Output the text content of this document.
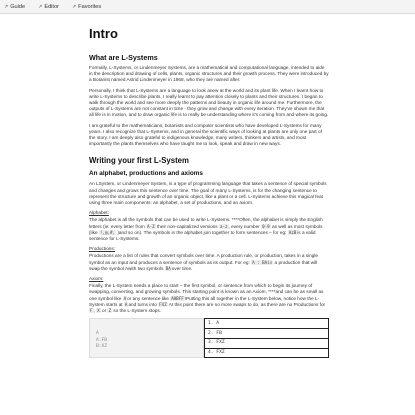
↗ Guide	↗ Editor	↗ Favorites
Intro
What are L-Systems

Formally, L-Systems, or Lindenmeyer Systems, are a mathematical and computational language, intended to aide in the description and drawing of cells, plants, organic structures and their growth process. They were introduced by a Botanist named Astrid Lindenmeyer in 1968, who they are named after.

Personally, I think that L-Systems are a language to look anew at the world and its plant life. When I learnt how to write L-Systems to describe plants, I really learnt to pay attention closely to plants and their structures. I began to walk through the world and see more deeply the patterns and beauty in organic life around me. Furthermore, the outputs of L-Systems are not constant in time - they grow and change with every iteration. They've shown me that all life is in motion, and to draw organic life is to really be understanding where it's coming from and where its going.

I am grateful to the mathematicians, botanists and computer scientists who have developed L-Systems for many years. I also recognize that L-Systems, and in general the scientific ways of looking at plants are only one part of the story. I am deeply also grateful to indigenous knowledge, many writers, thinkers and artists, and most importantly the plants themselves who have taught me to look, speak and draw in new ways.

Writing your first L-System
An alphabet, productions and axioms

An LSystem, or Lindenmeyer System, is a type of programming language that takes a sentence of special symbols and changes and grows this sentence over time. The goal of many L-Systems, is for the changing sentence to represent the structure and growth of an organic object, like a plant or a cell. L-Systems achieve this magical feat using three main components: an alphabet, a set of productions, and an axiom.

Alphabet:

The alphabet is all the symbols that can be used to write L-Systems. ****Often, the alphabet is simply the English letters (ie: every letter from A-Z their non-capitalized versions a-z, every number 0-9 as well as most symbols (like !,@,#, )and so on). The symbols in the alphabet join together to form sentences – for eg: AzBis a valid sentence for L-Systems.

Productions:

Productions are a list of rules that convert symbols over time. A production rule, or production, takes in a single symbol as an input and produces a sentence of symbols as its output. For eg: A : BAis a production that will swap the symbol Awith two symbols BAover time.

Axiom:

Finally, the L-System needs a place to start – the first symbol, or sentence from which to begin its journey of swapping, converting, and growing symbols. This starting point is known as an Axiom, ****and can be as small as one symbol like Aor any sentence like AHBFF!Putting this all together in the L-System below, notice how the L-System starts at Aand turns into FXZ At this point there are no more swaps to do, as there are no Productions for F, X or Z so the L-System stops.

A
A:FB
B:XZ
1. A
2. FB
3. FXZ
4. FXZ
